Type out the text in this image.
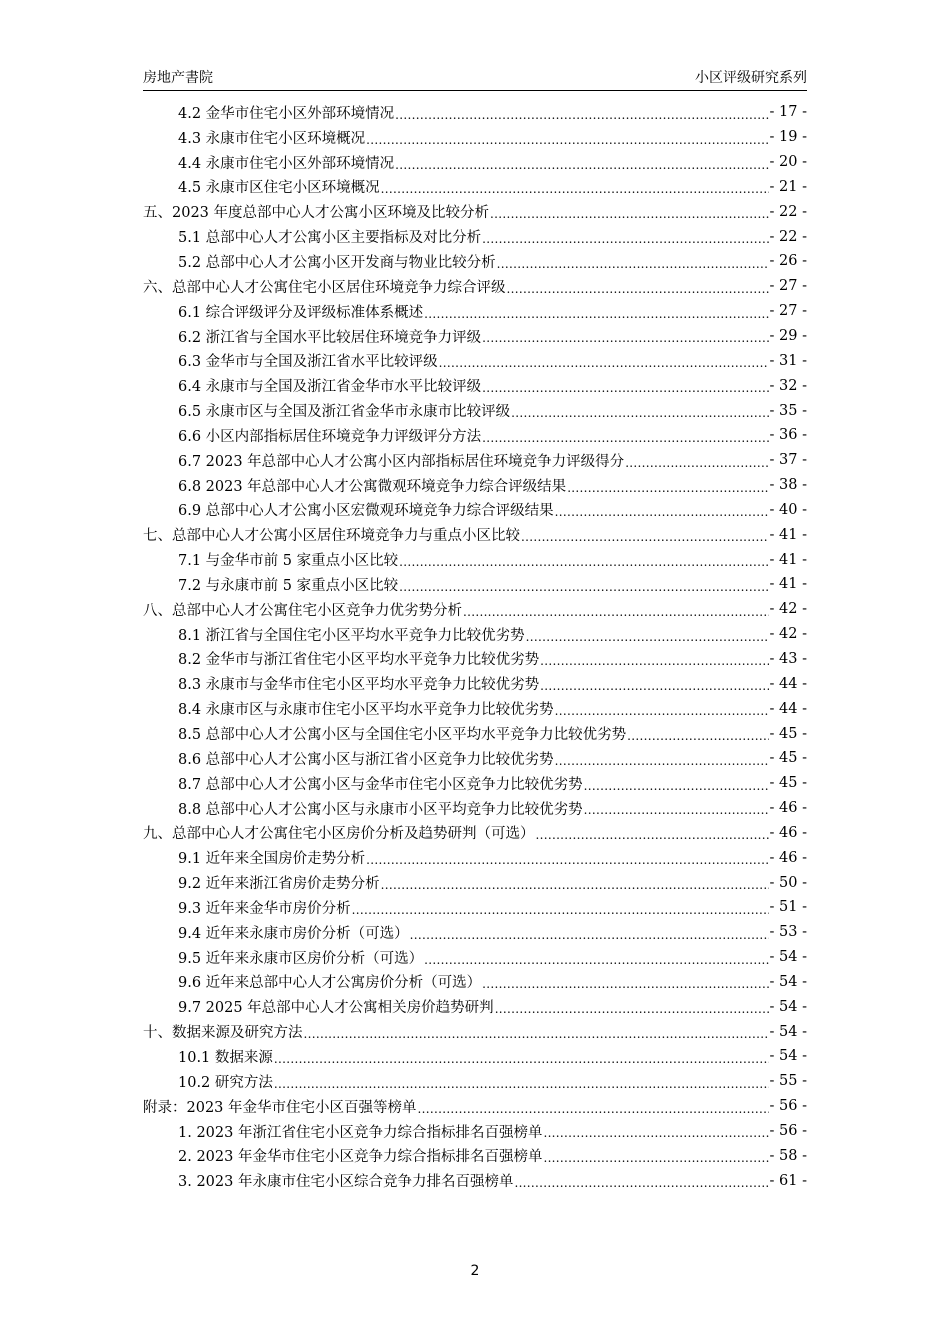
房地产書院	小区评级研究系列
4.2 金华市住宅小区外部环境情况 .....	- 17 -
4.3 永康市住宅小区环境概况 .....	- 19 -
4.4 永康市住宅小区外部环境情况 .....	- 20 -
4.5 永康市区住宅小区环境概况 .....	- 21 -
五、2023 年度总部中心人才公寓小区环境及比较分析 .....	- 22 -
5.1 总部中心人才公寓小区主要指标及对比分析 .....	- 22 -
5.2 总部中心人才公寓小区开发商与物业比较分析 .....	- 26 -
六、总部中心人才公寓住宅小区居住环境竞争力综合评级 .....	- 27 -
6.1 综合评级评分及评级标准体系概述 .....	- 27 -
6.2 浙江省与全国水平比较居住环境竞争力评级 .....	- 29 -
6.3 金华市与全国及浙江省水平比较评级 .....	- 31 -
6.4 永康市与全国及浙江省金华市水平比较评级 .....	- 32 -
6.5 永康市区与全国及浙江省金华市永康市比较评级 .....	- 35 -
6.6 小区内部指标居住环境竞争力评级评分方法 .....	- 36 -
6.7 2023 年总部中心人才公寓小区内部指标居住环境竞争力评级得分 .....	- 37 -
6.8 2023 年总部中心人才公寓微观环境竞争力综合评级结果 .....	- 38 -
6.9 总部中心人才公寓小区宏微观环境竞争力综合评级结果 .....	- 40 -
七、总部中心人才公寓小区居住环境竞争力与重点小区比较 .....	- 41 -
7.1 与金华市前 5 家重点小区比较 .....	- 41 -
7.2 与永康市前 5 家重点小区比较 .....	- 41 -
八、总部中心人才公寓住宅小区竞争力优劣势分析 .....	- 42 -
8.1 浙江省与全国住宅小区平均水平竞争力比较优劣势 .....	- 42 -
8.2 金华市与浙江省住宅小区平均水平竞争力比较优劣势 .....	- 43 -
8.3 永康市与金华市住宅小区平均水平竞争力比较优劣势 .....	- 44 -
8.4 永康市区与永康市住宅小区平均水平竞争力比较优劣势 .....	- 44 -
8.5 总部中心人才公寓小区与全国住宅小区平均水平竞争力比较优劣势 .....	- 45 -
8.6 总部中心人才公寓小区与浙江省小区竞争力比较优劣势 .....	- 45 -
8.7 总部中心人才公寓小区与金华市住宅小区竞争力比较优劣势 .....	- 45 -
8.8 总部中心人才公寓小区与永康市小区平均竞争力比较优劣势 .....	- 46 -
九、总部中心人才公寓住宅小区房价分析及趋势研判（可选） .....	- 46 -
9.1 近年来全国房价走势分析 .....	- 46 -
9.2 近年来浙江省房价走势分析 .....	- 50 -
9.3 近年来金华市房价分析 .....	- 51 -
9.4 近年来永康市房价分析（可选） .....	- 53 -
9.5 近年来永康市区房价分析（可选） .....	- 54 -
9.6 近年来总部中心人才公寓房价分析（可选） .....	- 54 -
9.7 2025 年总部中心人才公寓相关房价趋势研判 .....	- 54 -
十、数据来源及研究方法 .....	- 54 -
10.1 数据来源 .....	- 54 -
10.2 研究方法 .....	- 55 -
附录：2023 年金华市住宅小区百强等榜单 .....	- 56 -
1. 2023 年浙江省住宅小区竞争力综合指标排名百强榜单 .....	- 56 -
2. 2023 年金华市住宅小区竞争力综合指标排名百强榜单 .....	- 58 -
3. 2023 年永康市住宅小区综合竞争力排名百强榜单 .....	- 61 -
2
